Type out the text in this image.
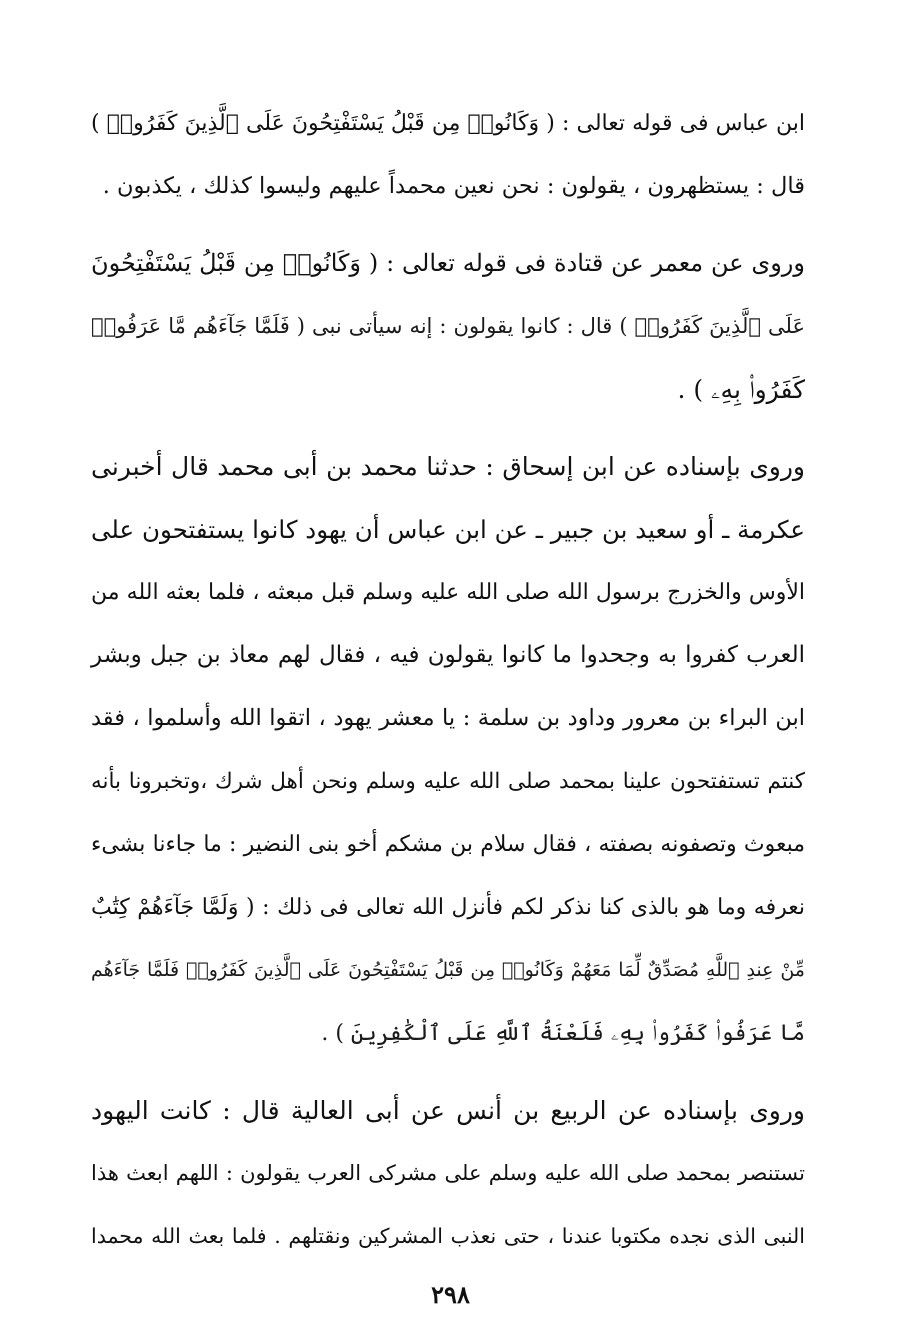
ابن عباس فى قوله تعالى : ( وَكَانُوا۟ مِن قَبْلُ يَسْتَفْتِحُونَ عَلَى ٱلَّذِينَ كَفَرُوا۟ )
قال : يستظهرون ، يقولون : نحن نعين محمداً عليهم وليسوا كذلك ، يكذبون .

وروى عن معمر عن قتادة فى قوله تعالى : ( وَكَانُوا۟ مِن قَبْلُ يَسْتَفْتِحُونَ
عَلَى ٱلَّذِينَ كَفَرُوا۟ ) قال : كانوا يقولون : إنه سيأتى نبى ( فَلَمَّا جَآءَهُم مَّا عَرَفُوا۟
كَفَرُوا۟ بِهِۦ ) .

وروى بإسناده عن ابن إسحاق : حدثنا محمد بن أبى محمد قال أخبرنى
عكرمة ـ أو سعيد بن جبير ـ عن ابن عباس أن يهود كانوا يستفتحون على
الأوس والخزرج برسول الله صلى الله عليه وسلم قبل مبعثه ، فلما بعثه الله من
العرب كفروا به وجحدوا ما كانوا يقولون فيه ، فقال لهم معاذ بن جبل وبشر
ابن البراء بن معرور وداود بن سلمة : يا معشر يهود ، اتقوا الله وأسلموا ، فقد
كنتم تستفتحون علينا بمحمد صلى الله عليه وسلم ونحن أهل شرك ،وتخبرونا بأنه
مبعوث وتصفونه بصفته ، فقال سلام بن مشكم أخو بنى النضير : ما جاءنا بشىء
نعرفه وما هو بالذى كنا نذكر لكم فأنزل الله تعالى فى ذلك : ( وَلَمَّا جَآءَهُمْ كِتَٰبٌ
مِّنْ عِندِ ٱللَّهِ مُصَدِّقٌ لِّمَا مَعَهُمْ وَكَانُوا۟ مِن قَبْلُ يَسْتَفْتِحُونَ عَلَى ٱلَّذِينَ كَفَرُوا۟ فَلَمَّا جَآءَهُم
مَّا عَرَفُوا۟ كَفَرُوا۟ بِهِۦ فَلَعْنَةُ ٱللَّهِ عَلَى ٱلْكَٰفِرِينَ ) .

وروى بإسناده عن الربيع بن أنس عن أبى العالية قال : كانت اليهود
تستنصر بمحمد صلى الله عليه وسلم على مشركى العرب يقولون : اللهم ابعث هذا
النبى الذى نجده مكتوبا عندنا ، حتى نعذب المشركين ونقتلهم . فلما بعث الله محمدا

٢٩٨
